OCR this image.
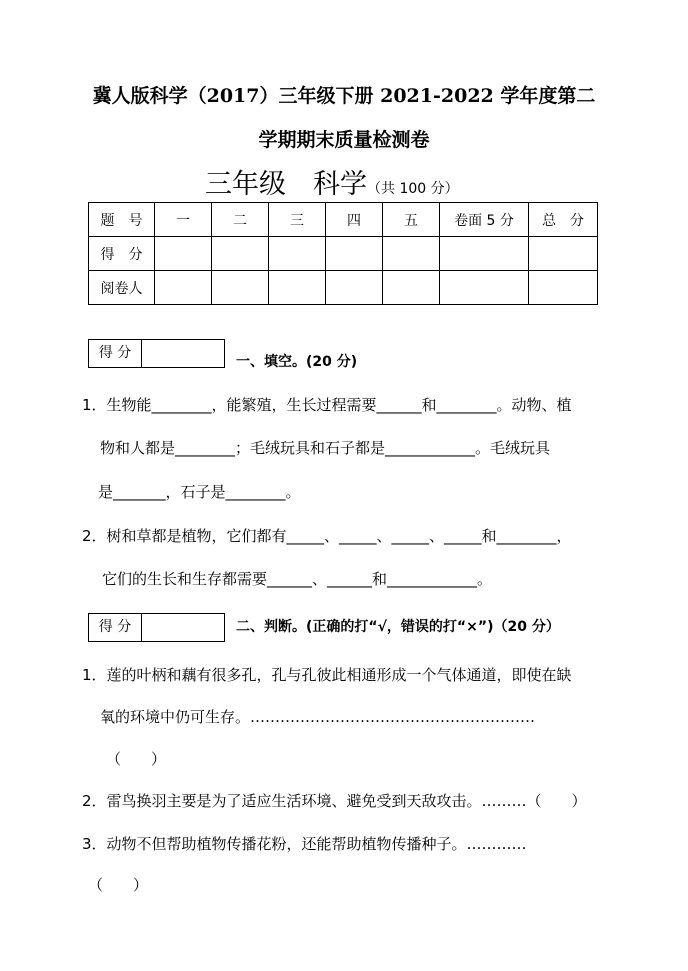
冀人版科学（2017）三年级下册 2021-2022 学年度第二
学期期末质量检测卷
三年级　科学（共 100 分）
题　号	一	二	三	四	五	卷面 5 分	总　分
得　分							
阅卷人							
得 分
一、填空。(20 分)
1．生物能________，能繁殖，生长过程需要______和________。动物、植
物和人都是________；毛绒玩具和石子都是____________。毛绒玩具
是_______，石子是________。
2．树和草都是植物，它们都有_____、_____、_____、_____和________，
它们的生长和生存都需要______、______和____________。
得 分	二、判断。(正确的打“√，错误的打“×”)（20 分）
1．莲的叶柄和藕有很多孔，孔与孔彼此相通形成一个气体通道，即使在缺
氧的环境中仍可生存。…………………………………………………
（　　）
2．雷鸟换羽主要是为了适应生活环境、避免受到天敌攻击。………（　　）
3．动物不但帮助植物传播花粉，还能帮助植物传播种子。…………
（　　）
